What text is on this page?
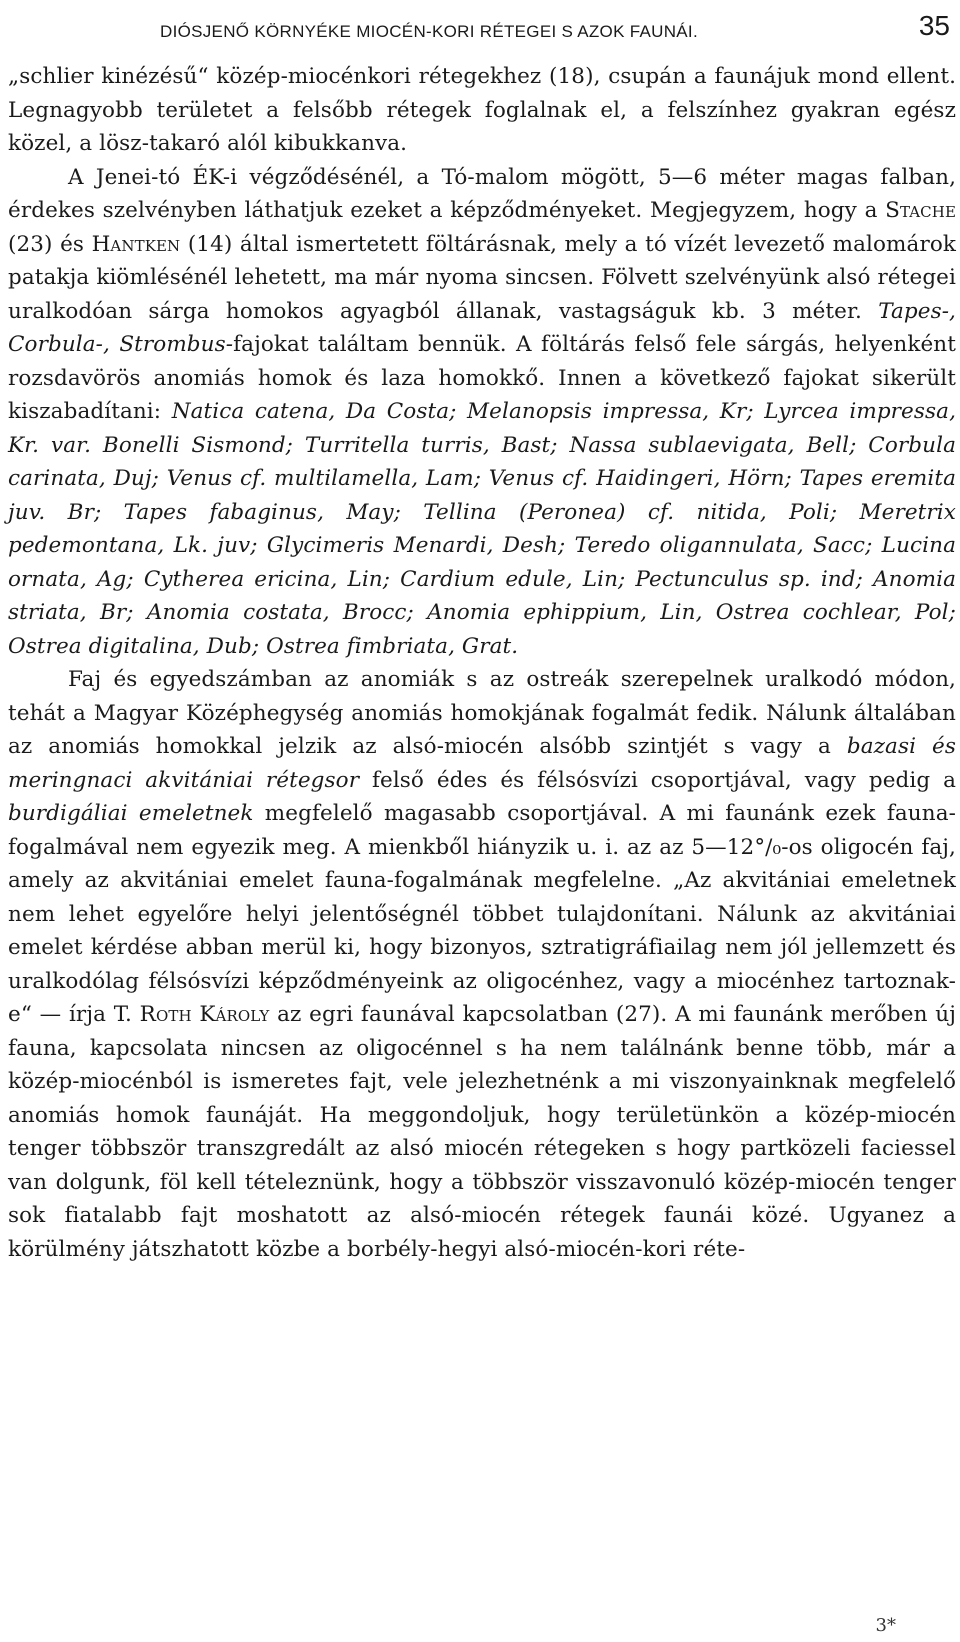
DIÓSJENŐ KÖRNYÉKE MIOCÉN-KORI RÉTEGEI S AZOK FAUNÁI.	35

„schlier kinézésű“ közép-miocénkori rétegekhez (18), csupán a faunájuk mond ellent. Legnagyobb területet a felsőbb rétegek foglalnak el, a felszínhez gyakran egész közel, a lösz-takaró alól kibukkanva.

A Jenei-tó ÉK-i végződésénél, a Tó-malom mögött, 5—6 méter magas falban, érdekes szelvényben láthatjuk ezeket a képződményeket. Megjegyzem, hogy a Stache (23) és Hantken (14) által ismertetett föltárásnak, mely a tó vízét levezető malomárok patakja kiömlésénél lehetett, ma már nyoma sincsen. Fölvett szelvényünk alsó rétegei uralkodóan sárga homokos agyagból állanak, vastagságuk kb. 3 méter. Tapes-, Corbula-, Strombus-fajokat találtam bennük. A föltárás felső fele sárgás, helyenként rozsdavörös anomiás homok és laza homokkő. Innen a következő fajokat sikerült kiszabadítani: Natica catena, Da Costa; Melanopsis impressa, Kr; Lyrcea impressa, Kr. var. Bonelli Sismond; Turritella turris, Bast; Nassa sublaevigata, Bell; Corbula carinata, Duj; Venus cf. multilamella, Lam; Venus cf. Haidingeri, Hörn; Tapes eremita juv. Br; Tapes fabaginus, May; Tellina (Peronea) cf. nitida, Poli; Meretrix pedemontana, Lk. juv; Glycimeris Menardi, Desh; Teredo oligannulata, Sacc; Lucina ornata, Ag; Cytherea ericina, Lin; Cardium edule, Lin; Pectunculus sp. ind; Anomia striata, Br; Anomia costata, Brocc; Anomia ephippium, Lin, Ostrea cochlear, Pol; Ostrea digitalina, Dub; Ostrea fimbriata, Grat.

Faj és egyedszámban az anomiák s az ostreák szerepelnek uralkodó módon, tehát a Magyar Középhegység anomiás homokjának fogalmát fedik. Nálunk általában az anomiás homokkal jelzik az alsó-miocén alsóbb szintjét s vagy a bazasi és meringnaci akvitániai rétegsor felső édes és félsósvízi csoportjával, vagy pedig a burdigáliai emeletnek megfelelő magasabb csoportjával. A mi faunánk ezek fauna-fogalmával nem egyezik meg. A mienkből hiányzik u. i. az az 5—12°/₀-os oligocén faj, amely az akvitániai emelet fauna-fogalmának megfelelne. „Az akvitániai emeletnek nem lehet egyelőre helyi jelentőségnél többet tulajdonítani. Nálunk az akvitániai emelet kérdése abban merül ki, hogy bizonyos, sztratigráfiailag nem jól jellemzett és uralkodólag félsósvízi képződményeink az oligocénhez, vagy a miocénhez tartoznak-e“ — írja T. Roth Károly az egri faunával kapcsolatban (27). A mi faunánk merőben új fauna, kapcsolata nincsen az oligocénnel s ha nem találnánk benne több, már a közép-miocénból is ismeretes fajt, vele jelezhetnénk a mi viszonyainknak megfelelő anomiás homok faunáját. Ha meggondoljuk, hogy területünkön a közép-miocén tenger többször transzgredált az alsó miocén rétegeken s hogy partközeli faciessel van dolgunk, föl kell tételeznünk, hogy a többször visszavonuló közép-miocén tenger sok fiatalabb fajt moshatott az alsó-miocén rétegek faunái közé. Ugyanez a körülmény játszhatott közbe a borbély-hegyi alsó-miocén-kori réte-

3*
